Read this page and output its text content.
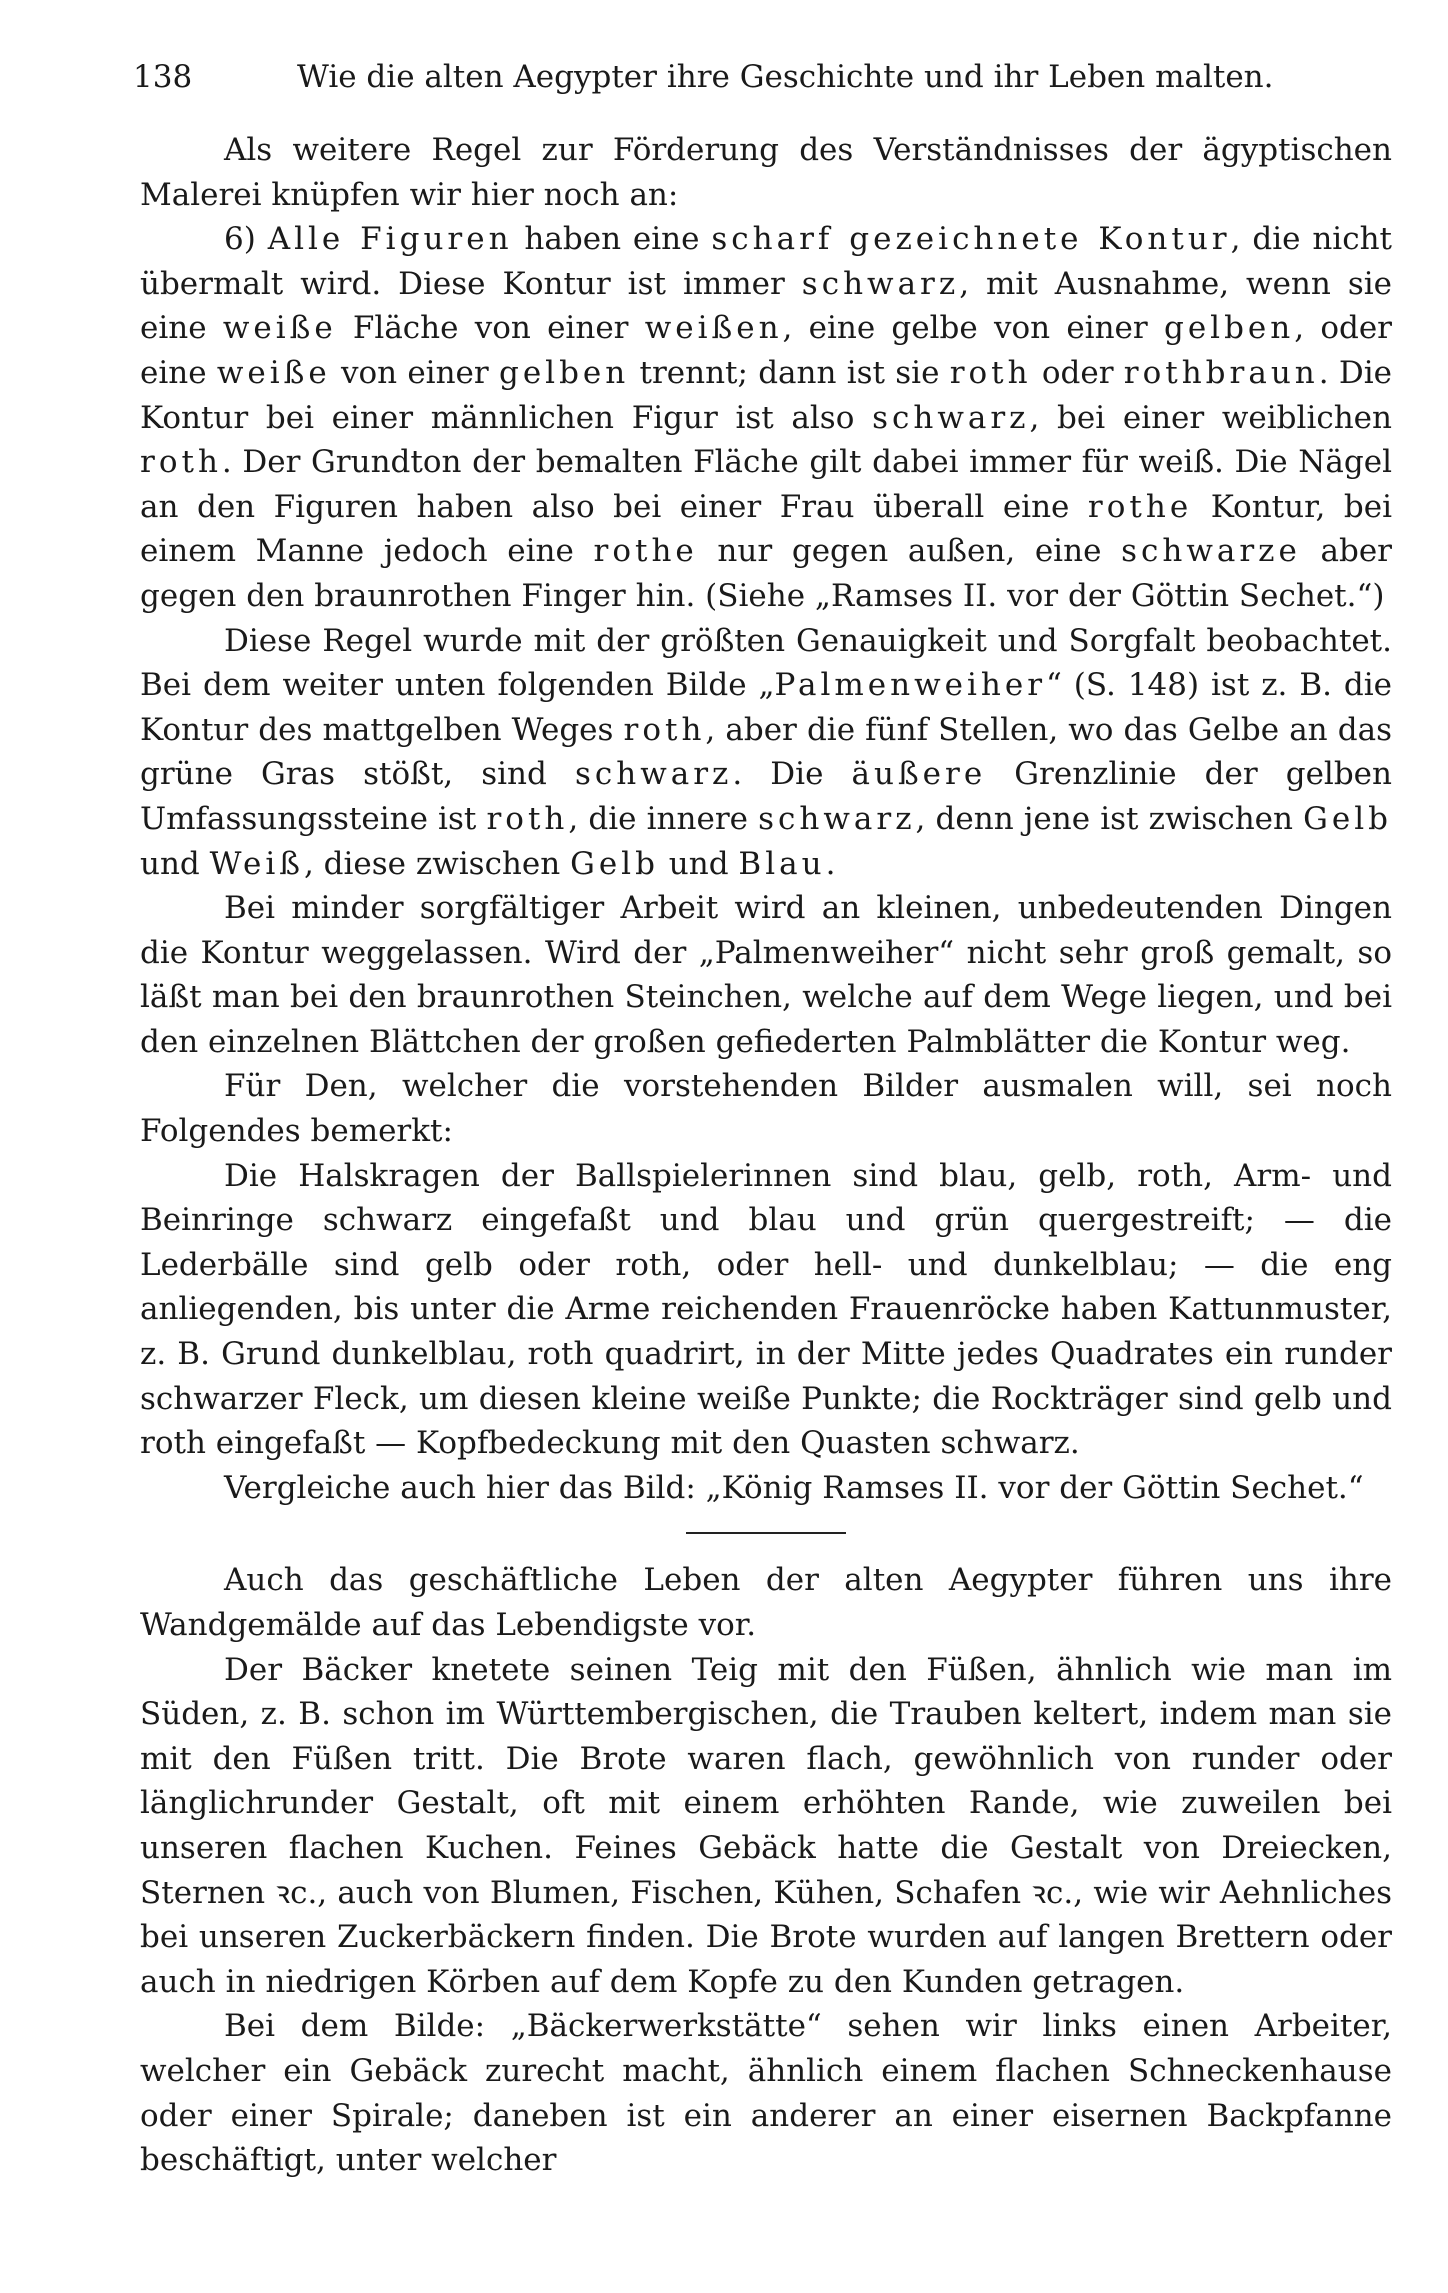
138	Wie die alten Aegypter ihre Geschichte und ihr Leben malten.

Als weitere Regel zur Förderung des Verständnisses der ägyptischen Malerei knüpfen wir hier noch an:

6) Alle Figuren haben eine scharf gezeichnete Kontur, die nicht übermalt wird. Diese Kontur ist immer schwarz, mit Ausnahme, wenn sie eine weiße Fläche von einer weißen, eine gelbe von einer gelben, oder eine weiße von einer gelben trennt; dann ist sie roth oder rothbraun. Die Kontur bei einer männlichen Figur ist also schwarz, bei einer weiblichen roth. Der Grundton der bemalten Fläche gilt dabei immer für weiß. Die Nägel an den Figuren haben also bei einer Frau überall eine rothe Kontur, bei einem Manne jedoch eine rothe nur gegen außen, eine schwarze aber gegen den braunrothen Finger hin. (Siehe „Ramses II. vor der Göttin Sechet.“)

Diese Regel wurde mit der größten Genauigkeit und Sorgfalt beobachtet. Bei dem weiter unten folgenden Bilde „Palmenweiher“ (S. 148) ist z. B. die Kontur des mattgelben Weges roth, aber die fünf Stellen, wo das Gelbe an das grüne Gras stößt, sind schwarz. Die äußere Grenzlinie der gelben Umfassungssteine ist roth, die innere schwarz, denn jene ist zwischen Gelb und Weiß, diese zwischen Gelb und Blau.

Bei minder sorgfältiger Arbeit wird an kleinen, unbedeutenden Dingen die Kontur weggelassen. Wird der „Palmenweiher“ nicht sehr groß gemalt, so läßt man bei den braunrothen Steinchen, welche auf dem Wege liegen, und bei den einzelnen Blättchen der großen gefiederten Palmblätter die Kontur weg.

Für Den, welcher die vorstehenden Bilder ausmalen will, sei noch Folgendes bemerkt:

Die Halskragen der Ballspielerinnen sind blau, gelb, roth, Arm- und Beinringe schwarz eingefaßt und blau und grün quergestreift; — die Lederbälle sind gelb oder roth, oder hell- und dunkelblau; — die eng anliegenden, bis unter die Arme reichenden Frauenröcke haben Kattunmuster, z. B. Grund dunkelblau, roth quadrirt, in der Mitte jedes Quadrates ein runder schwarzer Fleck, um diesen kleine weiße Punkte; die Rockträger sind gelb und roth eingefaßt — Kopfbedeckung mit den Quasten schwarz.

Vergleiche auch hier das Bild: „König Ramses II. vor der Göttin Sechet.“

Auch das geschäftliche Leben der alten Aegypter führen uns ihre Wandgemälde auf das Lebendigste vor.

Der Bäcker knetete seinen Teig mit den Füßen, ähnlich wie man im Süden, z. B. schon im Württembergischen, die Trauben keltert, indem man sie mit den Füßen tritt. Die Brote waren flach, gewöhnlich von runder oder länglichrunder Gestalt, oft mit einem erhöhten Rande, wie zuweilen bei unseren flachen Kuchen. Feines Gebäck hatte die Gestalt von Dreiecken, Sternen ꝛc., auch von Blumen, Fischen, Kühen, Schafen ꝛc., wie wir Aehnliches bei unseren Zuckerbäckern finden. Die Brote wurden auf langen Brettern oder auch in niedrigen Körben auf dem Kopfe zu den Kunden getragen.

Bei dem Bilde: „Bäckerwerkstätte“ sehen wir links einen Arbeiter, welcher ein Gebäck zurecht macht, ähnlich einem flachen Schneckenhause oder einer Spirale; daneben ist ein anderer an einer eisernen Backpfanne beschäftigt, unter welcher
